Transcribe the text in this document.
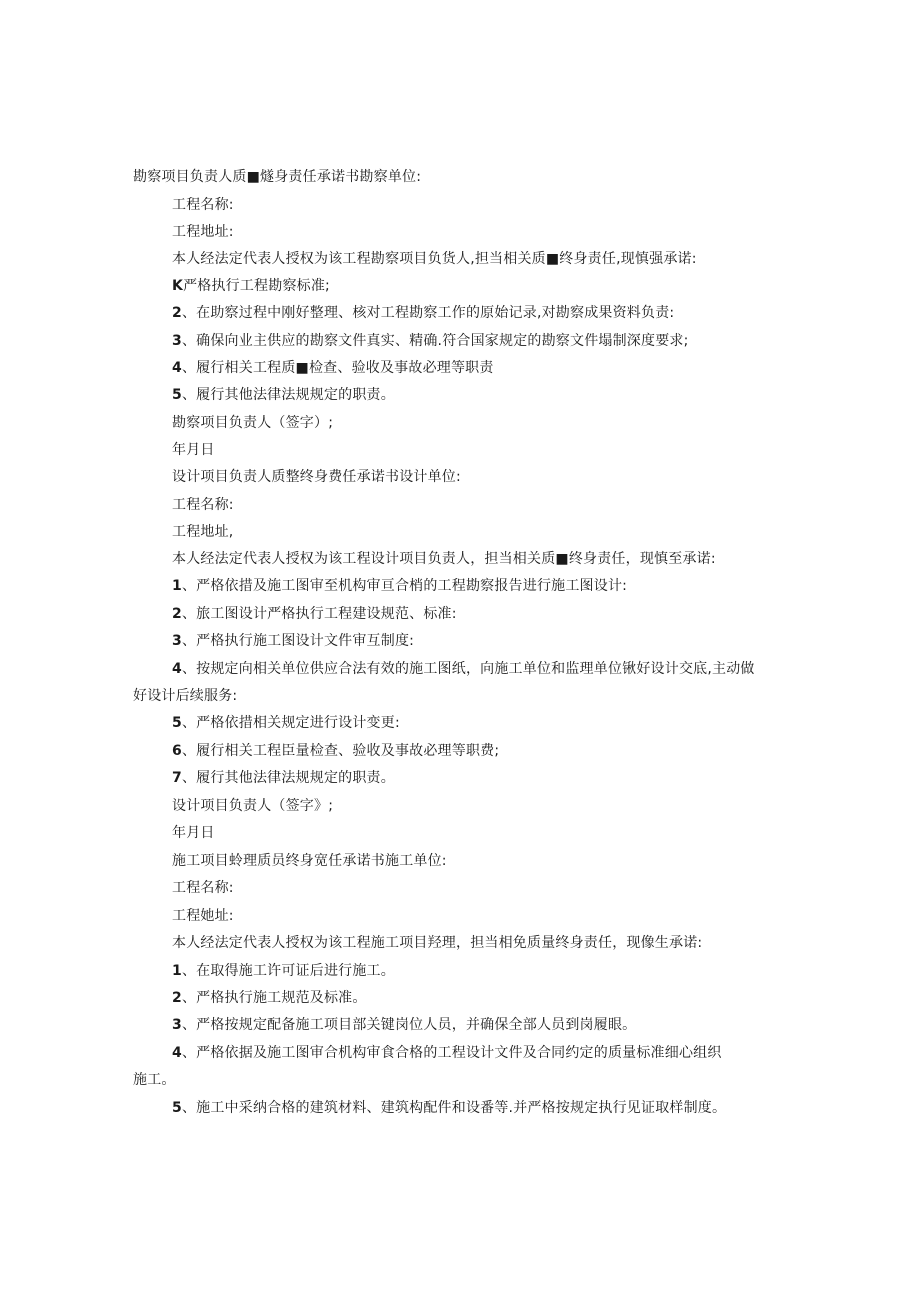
勘察项目负责人质■燧身责任承诺书勘察单位:
工程名称:
工程地址:
本人经法定代表人授权为该工程勘察项目负货人,担当相关质■终身责任,现慎强承诺:
K严格执行工程勘察标准;
2、在助察过程中刚好整理、核对工程勘察工作的原始记录,对勘察成果资料负责:
3、确保向业主供应的勘察文件真实、精确.符合国家规定的勘察文件塌制深度要求;
4、履行相关工程质■检查、验收及事故必理等职责
5、履行其他法律法规规定的职责。
勘察项目负责人（签字）;
年月日
设计项目负责人质整终身费任承诺书设计单位:
工程名称:
工程地址,
本人经法定代表人授权为该工程设计项目负责人，担当相关质■终身责任，现慎至承诺:
1、严格依措及施工图审至机构审亘合梢的工程勘察报告进行施工图设计:
2、旅工图设计严格执行工程建设规范、标准:
3、严格执行施工图设计文件审互制度:
4、按规定向相关单位供应合法有效的施工图纸，向施工单位和监理单位锹好设计交底,主动做
好设计后续服务:
5、严格依措相关规定进行设计变更:
6、履行相关工程臣量检查、验收及事故必理等职费;
7、履行其他法律法规规定的职责。
设计项目负责人（签字》;
年月日
施工项目蛉理质员终身宽任承诺书施工单位:
工程名称:
工程她址:
本人经法定代表人授权为该工程施工项目羟理，担当相免质量终身责任，现像生承诺:
1、在取得施工许可证后进行施工。
2、严格执行施工规范及标准。
3、严格按规定配备施工项目部关键岗位人员，并确保全部人员到岗履眼。
4、严格依据及施工图审合机构审食合格的工程设计文件及合同约定的质量标准细心组织
施工。
5、施工中采纳合格的建筑材料、建筑构配件和设番等.并严格按规定执行见证取样制度。
